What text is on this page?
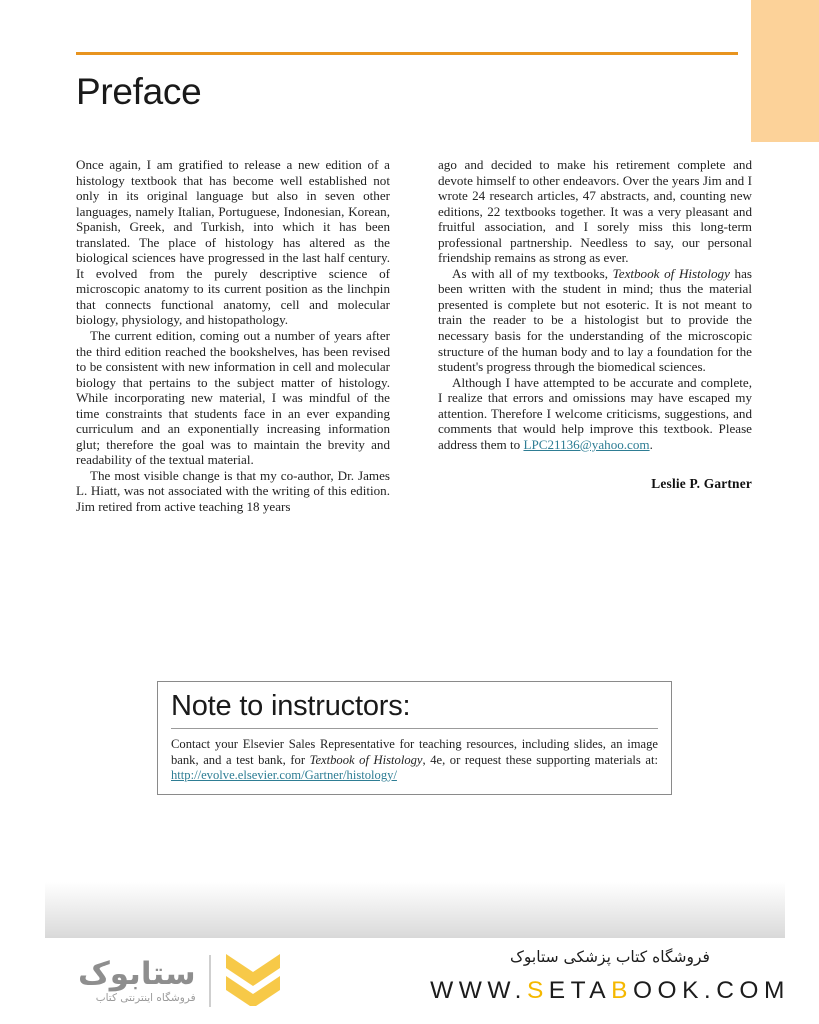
Preface

Once again, I am gratified to release a new edition of a histology textbook that has become well established not only in its original language but also in seven other languages, namely Italian, Portuguese, Indonesian, Korean, Spanish, Greek, and Turkish, into which it has been translated. The place of histology has altered as the biological sciences have progressed in the last half century. It evolved from the purely descriptive science of microscopic anatomy to its current position as the linchpin that connects functional anatomy, cell and molecular biology, physiology, and histopathology.

The current edition, coming out a number of years after the third edition reached the bookshelves, has been revised to be consistent with new information in cell and molecular biology that pertains to the subject matter of histology. While incorporating new material, I was mindful of the time constraints that students face in an ever expanding curriculum and an exponentially increasing information glut; therefore the goal was to maintain the brevity and readability of the textual material.

The most visible change is that my co-author, Dr. James L. Hiatt, was not associated with the writing of this edition. Jim retired from active teaching 18 years

ago and decided to make his retirement complete and devote himself to other endeavors. Over the years Jim and I wrote 24 research articles, 47 abstracts, and, counting new editions, 22 textbooks together. It was a very pleasant and fruitful association, and I sorely miss this long-term professional partnership. Needless to say, our personal friendship remains as strong as ever.

As with all of my textbooks, Textbook of Histology has been written with the student in mind; thus the material presented is complete but not esoteric. It is not meant to train the reader to be a histologist but to provide the necessary basis for the understanding of the microscopic structure of the human body and to lay a foundation for the student's progress through the biomedical sciences.

Although I have attempted to be accurate and complete, I realize that errors and omissions may have escaped my attention. Therefore I welcome criticisms, suggestions, and comments that would help improve this textbook. Please address them to LPC21136@yahoo.com.

Leslie P. Gartner

Note to instructors:

Contact your Elsevier Sales Representative for teaching resources, including slides, an image bank, and a test bank, for Textbook of Histology, 4e, or request these supporting materials at: http://evolve.elsevier.com/Gartner/histology/

ستابوک
فروشگاه اینترنتی کتاب
فروشگاه کتاب پزشکی ستابوک
WWW.SETABOOK.COM
